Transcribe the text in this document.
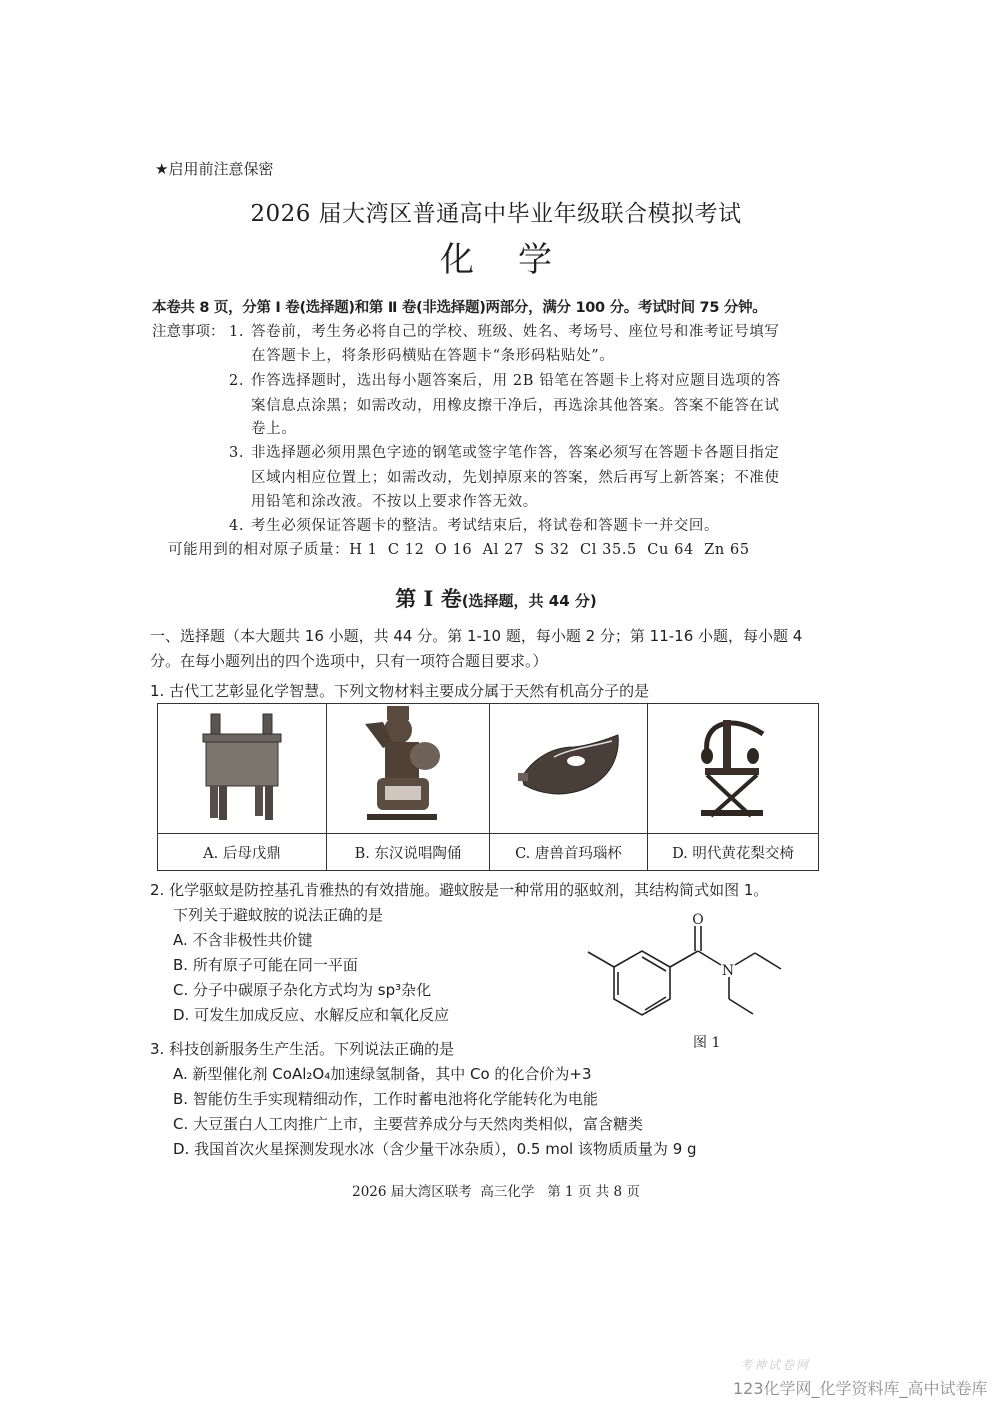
★启用前注意保密
2026 届大湾区普通高中毕业年级联合模拟考试
化 学
本卷共 8 页，分第 Ⅰ 卷(选择题)和第 Ⅱ 卷(非选择题)两部分，满分 100 分。考试时间 75 分钟。
注意事项： 1. 答卷前，考生务必将自己的学校、班级、姓名、考场号、座位号和准考证号填写
在答题卡上，将条形码横贴在答题卡“条形码粘贴处”。
2. 作答选择题时，选出每小题答案后，用 2B 铅笔在答题卡上将对应题目选项的答
案信息点涂黑；如需改动，用橡皮擦干净后，再选涂其他答案。答案不能答在试
卷上。
3. 非选择题必须用黑色字迹的钢笔或签字笔作答，答案必须写在答题卡各题目指定
区域内相应位置上；如需改动，先划掉原来的答案，然后再写上新答案；不准使
用铅笔和涂改液。不按以上要求作答无效。
4. 考生必须保证答题卡的整洁。考试结束后，将试卷和答题卡一并交回。
可能用到的相对原子质量：H 1  C 12  O 16  Al 27  S 32  Cl 35.5  Cu 64  Zn 65
第 I 卷(选择题，共 44 分)
一、选择题（本大题共 16 小题，共 44 分。第 1-10 题，每小题 2 分；第 11-16 小题，每小题 4
分。在每小题列出的四个选项中，只有一项符合题目要求。）
1. 古代工艺彰显化学智慧。下列文物材料主要成分属于天然有机高分子的是

A. 后母戊鼎	B. 东汉说唱陶俑	C. 唐兽首玛瑙杯	D. 明代黄花梨交椅
2. 化学驱蚊是防控基孔肯雅热的有效措施。避蚊胺是一种常用的驱蚊剂，其结构简式如图 1。
下列关于避蚊胺的说法正确的是
A. 不含非极性共价键
B. 所有原子可能在同一平面
C. 分子中碳原子杂化方式均为 sp³杂化
D. 可发生加成反应、水解反应和氧化反应
O
N
图 1
3. 科技创新服务生产生活。下列说法正确的是
A. 新型催化剂 CoAl₂O₄加速绿氢制备，其中 Co 的化合价为+3
B. 智能仿生手实现精细动作，工作时蓄电池将化学能转化为电能
C. 大豆蛋白人工肉推广上市，主要营养成分与天然肉类相似，富含糖类
D. 我国首次火星探测发现水冰（含少量干冰杂质），0.5 mol 该物质质量为 9 g
2026 届大湾区联考  高三化学   第 1 页 共 8 页
考神试卷网
123化学网_化学资料库_高中试卷库
